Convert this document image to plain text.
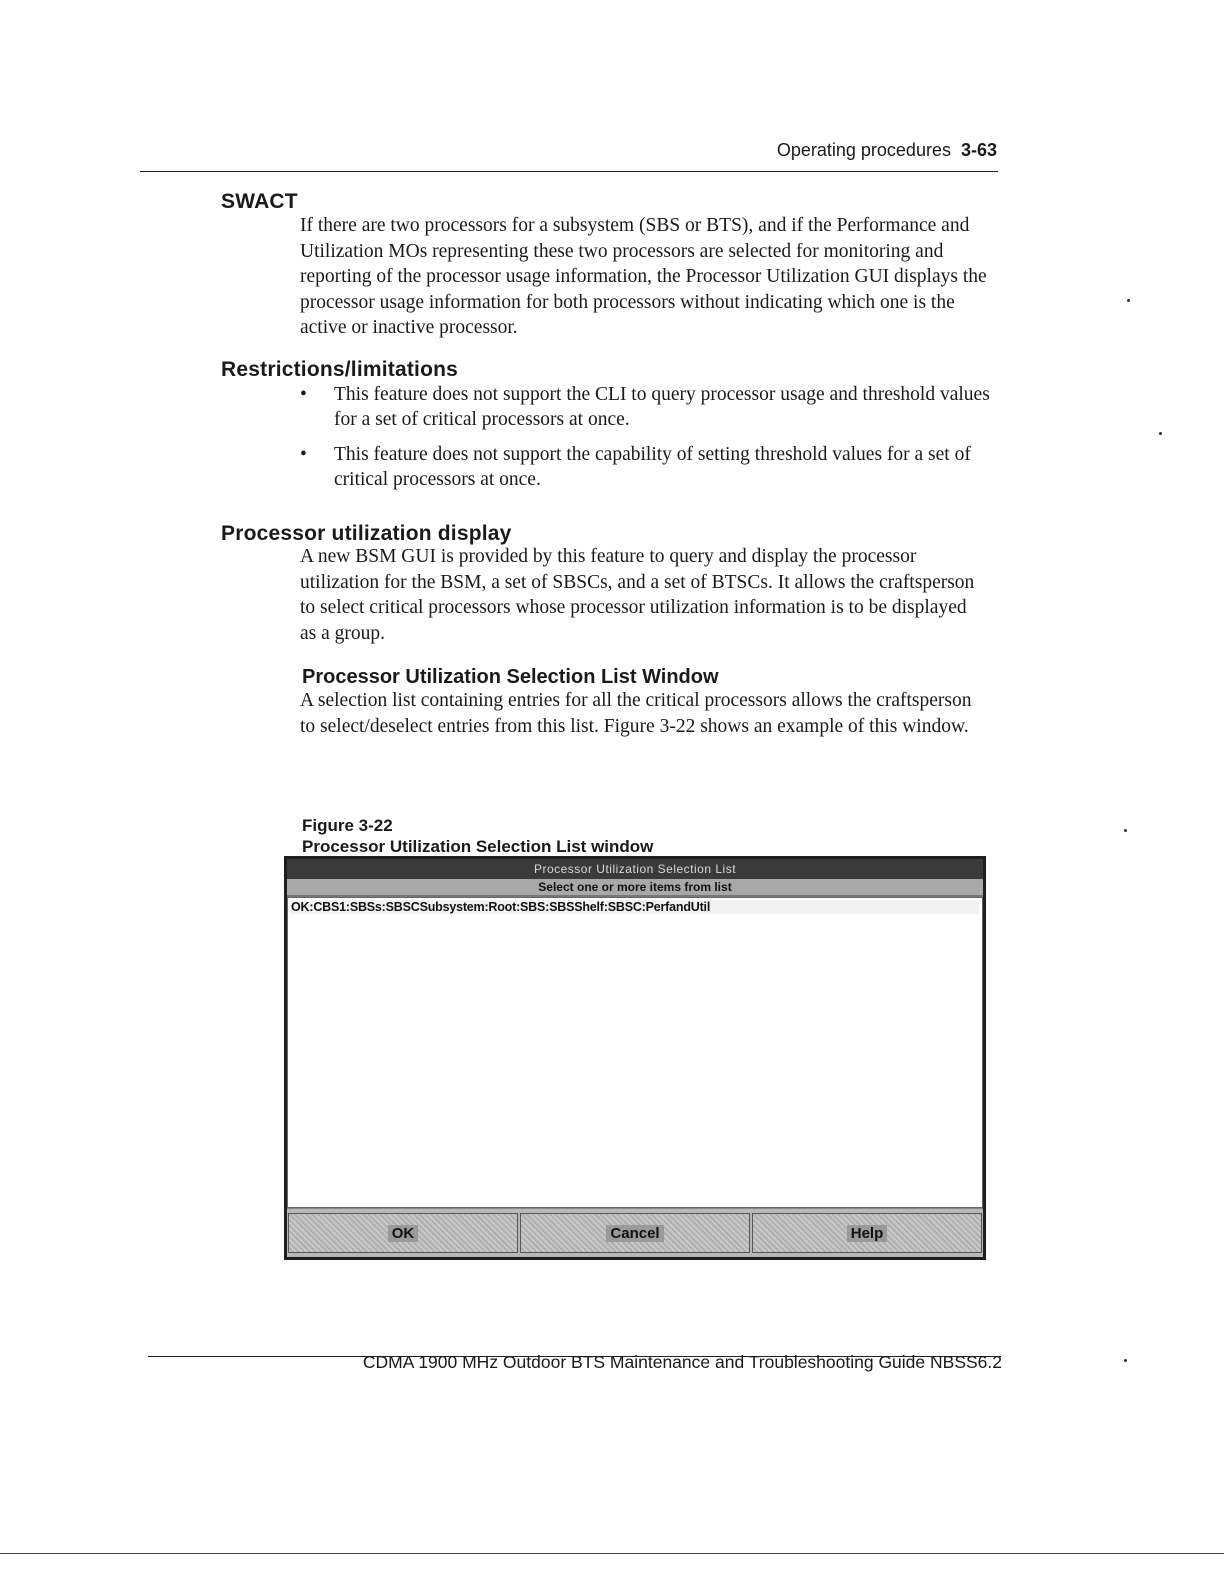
Operating procedures 3-63
SWACT

If there are two processors for a subsystem (SBS or BTS), and if the Performance and Utilization MOs representing these two processors are selected for monitoring and reporting of the processor usage information, the Processor Utilization GUI displays the processor usage information for both processors without indicating which one is the active or inactive processor.

Restrictions/limitations
• This feature does not support the CLI to query processor usage and threshold values for a set of critical processors at once.
• This feature does not support the capability of setting threshold values for a set of critical processors at once.
Processor utilization display

A new BSM GUI is provided by this feature to query and display the processor utilization for the BSM, a set of SBSCs, and a set of BTSCs. It allows the craftsperson to select critical processors whose processor utilization information is to be displayed as a group.

Processor Utilization Selection List Window

A selection list containing entries for all the critical processors allows the craftsperson to select/deselect entries from this list. Figure 3-22 shows an example of this window.

Figure 3-22
Processor Utilization Selection List window
Processor Utilization Selection List
Select one or more items from list
OK:CBS1:SBSs:SBSCSubsystem:Root:SBS:SBSShelf:SBSC:PerfandUtil
OK	Cancel	Help
CDMA 1900 MHz Outdoor BTS Maintenance and Troubleshooting Guide NBSS6.2
